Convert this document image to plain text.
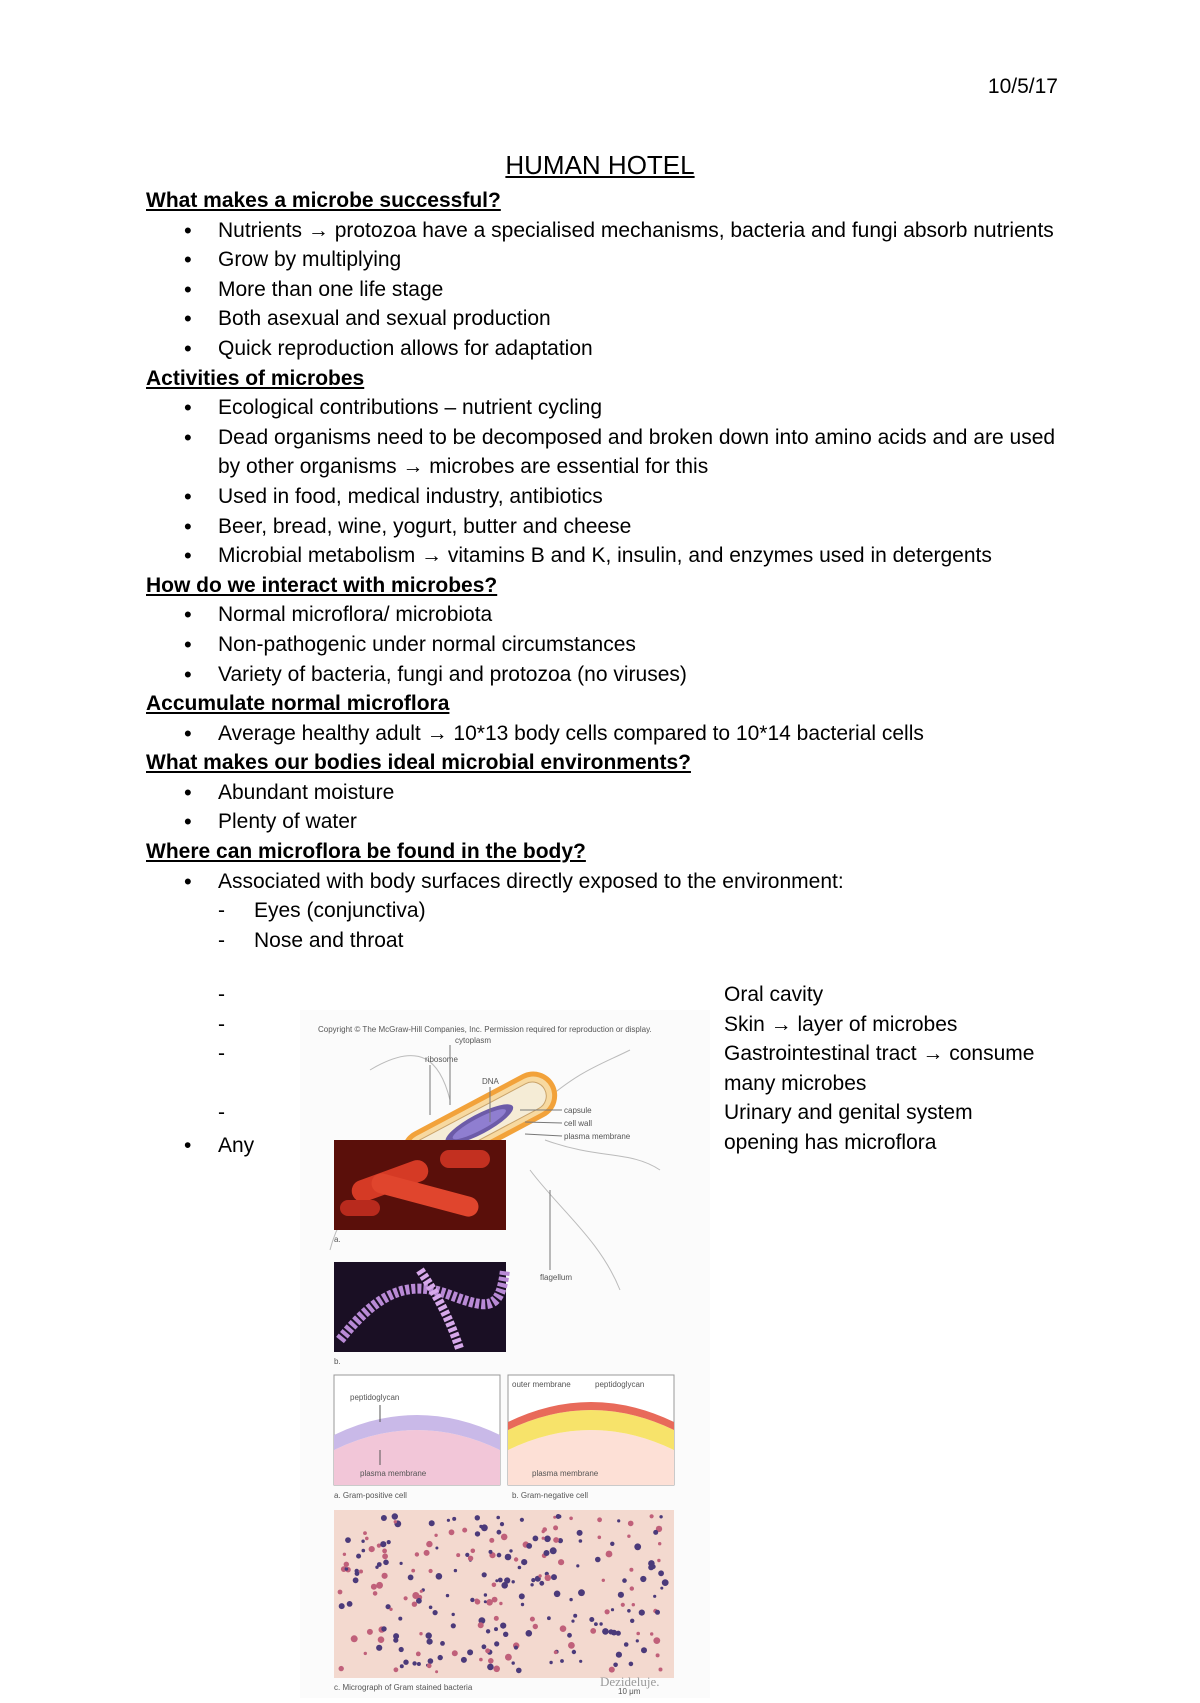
10/5/17
HUMAN HOTEL
What makes a microbe successful?
• Nutrients → protozoa have a specialised mechanisms, bacteria and fungi absorb nutrients
• Grow by multiplying
• More than one life stage
• Both asexual and sexual production
• Quick reproduction allows for adaptation
Activities of microbes
• Ecological contributions – nutrient cycling
• Dead organisms need to be decomposed and broken down into amino acids and are used by other organisms → microbes are essential for this
• Used in food, medical industry, antibiotics
• Beer, bread, wine, yogurt, butter and cheese
• Microbial metabolism → vitamins B and K, insulin, and enzymes used in detergents
How do we interact with microbes?
• Normal microflora/ microbiota
• Non-pathogenic under normal circumstances
• Variety of bacteria, fungi and protozoa (no viruses)
Accumulate normal microflora
• Average healthy adult → 10*13 body cells compared to 10*14 bacterial cells
What makes our bodies ideal microbial environments?
• Abundant moisture
• Plenty of water
Where can microflora be found in the body?
• Associated with body surfaces directly exposed to the environment:
- Eyes (conjunctiva)
- Nose and throat
-
-
-
-
• Any
Oral cavity
Skin → layer of microbes
Gastrointestinal tract → consume
many microbes
Urinary and genital system
opening has microflora
Copyright © The McGraw-Hill Companies, Inc. Permission required for reproduction or display.
cytoplasm
ribosome
DNA
capsule
cell wall
plasma membrane
flagellum
a.
b.
peptidoglycan
plasma membrane
a. Gram-positive cell
outer membrane	peptidoglycan
plasma membrane
b. Gram-negative cell
c. Micrograph of Gram stained bacteria	10 μm
Dezideluje.
